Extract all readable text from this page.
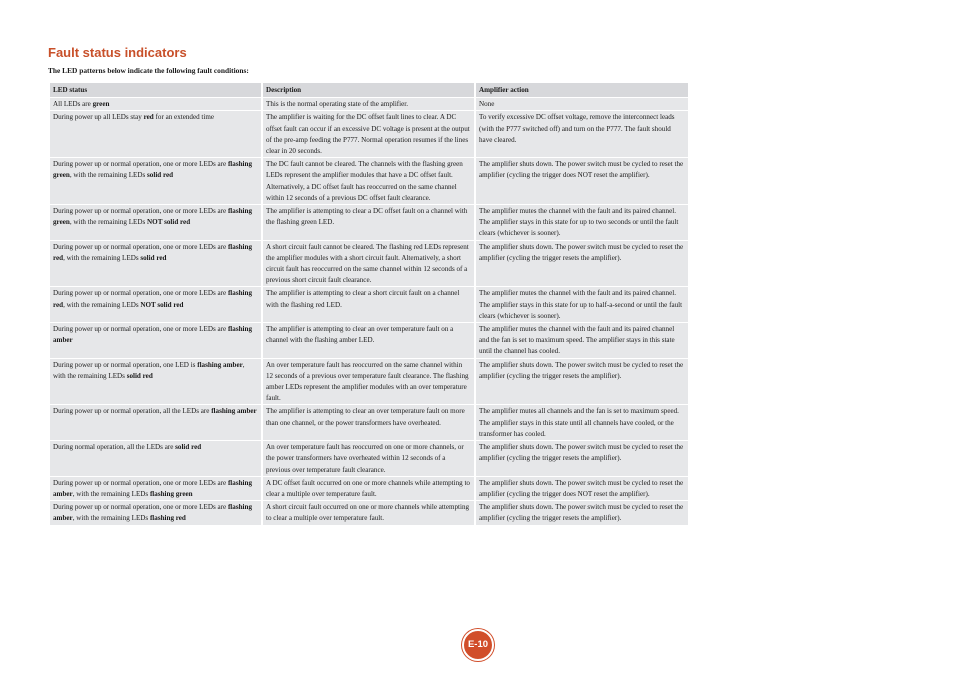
Fault status indicators

The LED patterns below indicate the following fault conditions:

LED status	Description	Amplifier action
All LEDs are green	This is the normal operating state of the amplifier.	None
During power up all LEDs stay red for an extended time	The amplifier is waiting for the DC offset fault lines to clear. A DC offset fault can occur if an excessive DC voltage is present at the output of the pre-amp feeding the P777. Normal operation resumes if the lines clear in 20 seconds.	To verify excessive DC offset voltage, remove the interconnect leads (with the P777 switched off) and turn on the P777. The fault should have cleared.
During power up or normal operation, one or more LEDs are flashing green, with the remaining LEDs solid red	The DC fault cannot be cleared. The channels with the flashing green LEDs represent the amplifier modules that have a DC offset fault. Alternatively, a DC offset fault has reoccurred on the same channel within 12 seconds of a previous DC offset fault clearance.	The amplifier shuts down. The power switch must be cycled to reset the amplifier (cycling the trigger does NOT reset the amplifier).
During power up or normal operation, one or more LEDs are flashing green, with the remaining LEDs NOT solid red	The amplifier is attempting to clear a DC offset fault on a channel with the flashing green LED.	The amplifier mutes the channel with the fault and its paired channel. The amplifier stays in this state for up to two seconds or until the fault clears (whichever is sooner).
During power up or normal operation, one or more LEDs are flashing red, with the remaining LEDs solid red	A short circuit fault cannot be cleared. The flashing red LEDs represent the amplifier modules with a short circuit fault. Alternatively, a short circuit fault has reoccurred on the same channel within 12 seconds of a previous short circuit fault clearance.	The amplifier shuts down. The power switch must be cycled to reset the amplifier (cycling the trigger resets the amplifier).
During power up or normal operation, one or more LEDs are flashing red, with the remaining LEDs NOT solid red	The amplifier is attempting to clear a short circuit fault on a channel with the flashing red LED.	The amplifier mutes the channel with the fault and its paired channel. The amplifier stays in this state for up to half-a-second or until the fault clears (whichever is sooner).
During power up or normal operation, one or more LEDs are flashing amber	The amplifier is attempting to clear an over temperature fault on a channel with the flashing amber LED.	The amplifier mutes the channel with the fault and its paired channel and the fan is set to maximum speed. The amplifier stays in this state until the channel has cooled.
During power up or normal operation, one LED is flashing amber, with the remaining LEDs solid red	An over temperature fault has reoccurred on the same channel within 12 seconds of a previous over temperature fault clearance. The flashing amber LEDs represent the amplifier modules with an over temperature fault.	The amplifier shuts down. The power switch must be cycled to reset the amplifier (cycling the trigger resets the amplifier).
During power up or normal operation, all the LEDs are flashing amber	The amplifier is attempting to clear an over temperature fault on more than one channel, or the power transformers have overheated.	The amplifier mutes all channels and the fan is set to maximum speed. The amplifier stays in this state until all channels have cooled, or the transformer has cooled.
During normal operation, all the LEDs are solid red	An over temperature fault has reoccurred on one or more channels, or the power transformers have overheated within 12 seconds of a previous over temperature fault clearance.	The amplifier shuts down. The power switch must be cycled to reset the amplifier (cycling the trigger resets the amplifier).
During power up or normal operation, one or more LEDs are flashing amber, with the remaining LEDs flashing green	A DC offset fault occurred on one or more channels while attempting to clear a multiple over temperature fault.	The amplifier shuts down. The power switch must be cycled to reset the amplifier (cycling the trigger does NOT reset the amplifier).
During power up or normal operation, one or more LEDs are flashing amber, with the remaining LEDs flashing red	A short circuit fault occurred on one or more channels while attempting to clear a multiple over temperature fault.	The amplifier shuts down. The power switch must be cycled to reset the amplifier (cycling the trigger resets the amplifier).
E-10
